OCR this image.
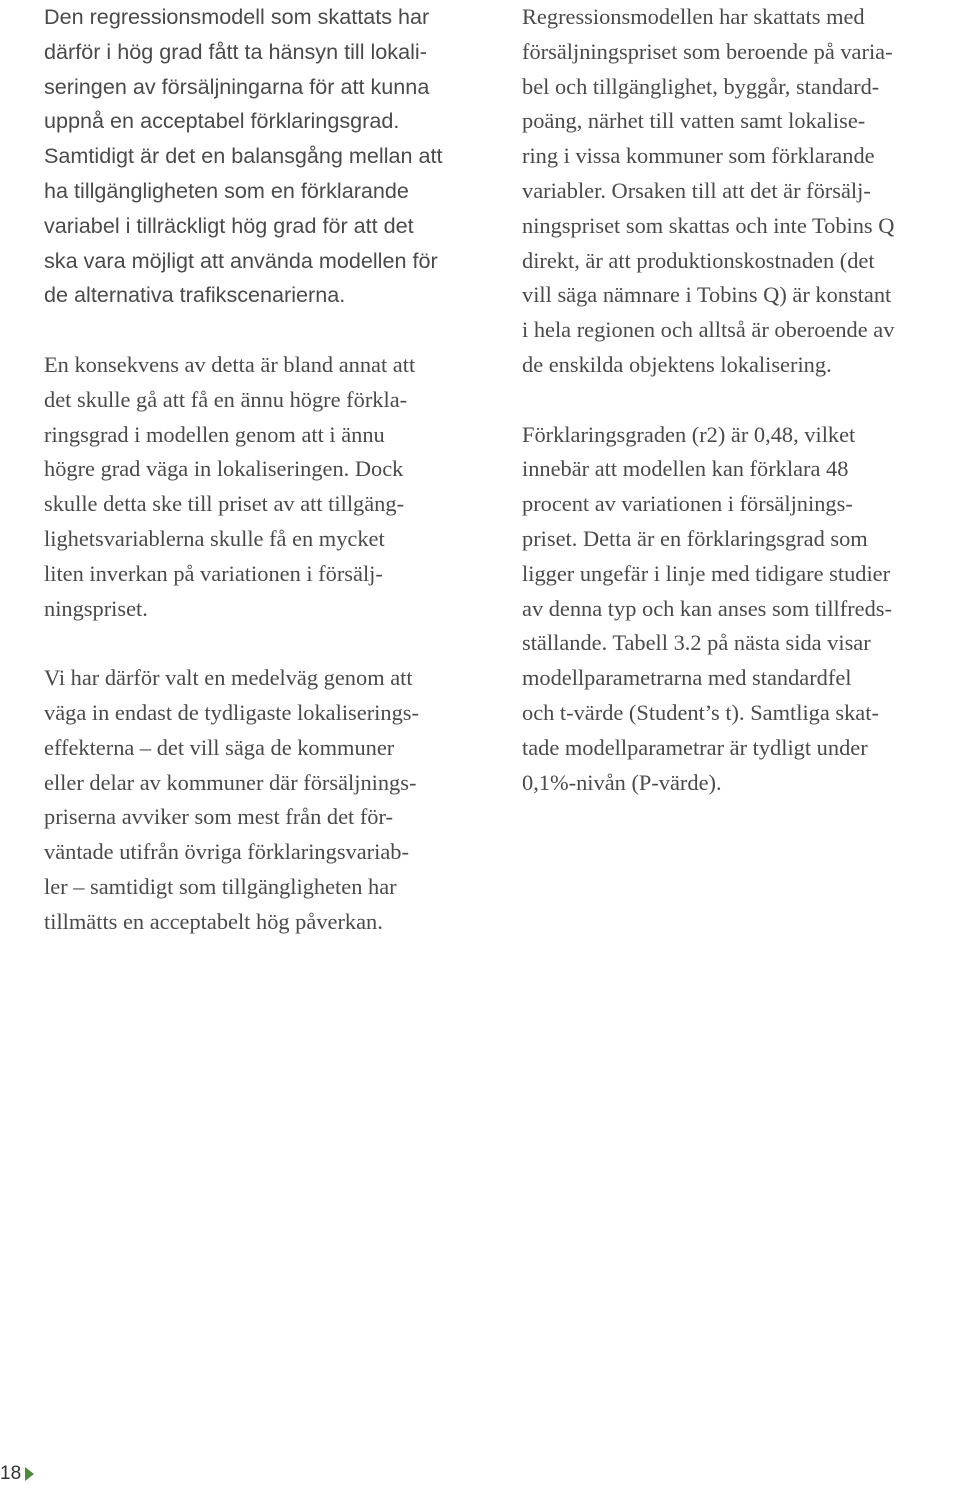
Den regressionsmodell som skattats har
därför i hög grad fått ta hänsyn till lokali-
seringen av försäljningarna för att kunna
uppnå en acceptabel förklaringsgrad.
Samtidigt är det en balansgång mellan att
ha tillgängligheten som en förklarande
variabel i tillräckligt hög grad för att det
ska vara möjligt att använda modellen för
de alternativa trafikscenarierna.
En konsekvens av detta är bland annat att
det skulle gå att få en ännu högre förkla-
ringsgrad i modellen genom att i ännu
högre grad väga in lokaliseringen. Dock
skulle detta ske till priset av att tillgäng-
lighetsvariablerna skulle få en mycket
liten inverkan på variationen i försälj-
ningspriset.
Vi har därför valt en medelväg genom att
väga in endast de tydligaste lokaliserings-
effekterna – det vill säga de kommuner
eller delar av kommuner där försäljnings-
priserna avviker som mest från det för-
väntade utifrån övriga förklaringsvariab-
ler – samtidigt som tillgängligheten har
tillmätts en acceptabelt hög påverkan.
Regressionsmodellen har skattats med
försäljningspriset som beroende på varia-
bel och tillgänglighet, byggår, standard-
poäng, närhet till vatten samt lokalise-
ring i vissa kommuner som förklarande
variabler. Orsaken till att det är försälj-
ningspriset som skattas och inte Tobins Q
direkt, är att produktionskostnaden (det
vill säga nämnare i Tobins Q) är konstant
i hela regionen och alltså är oberoende av
de enskilda objektens lokalisering.
Förklaringsgraden (r2) är 0,48, vilket
innebär att modellen kan förklara 48
procent av variationen i försäljnings-
priset. Detta är en förklaringsgrad som
ligger ungefär i linje med tidigare studier
av denna typ och kan anses som tillfreds-
ställande. Tabell 3.2 på nästa sida visar
modellparametrarna med standardfel
och t-värde (Student’s t). Samtliga skat-
tade modellparametrar är tydligt under
0,1%-nivån (P-värde).
18
